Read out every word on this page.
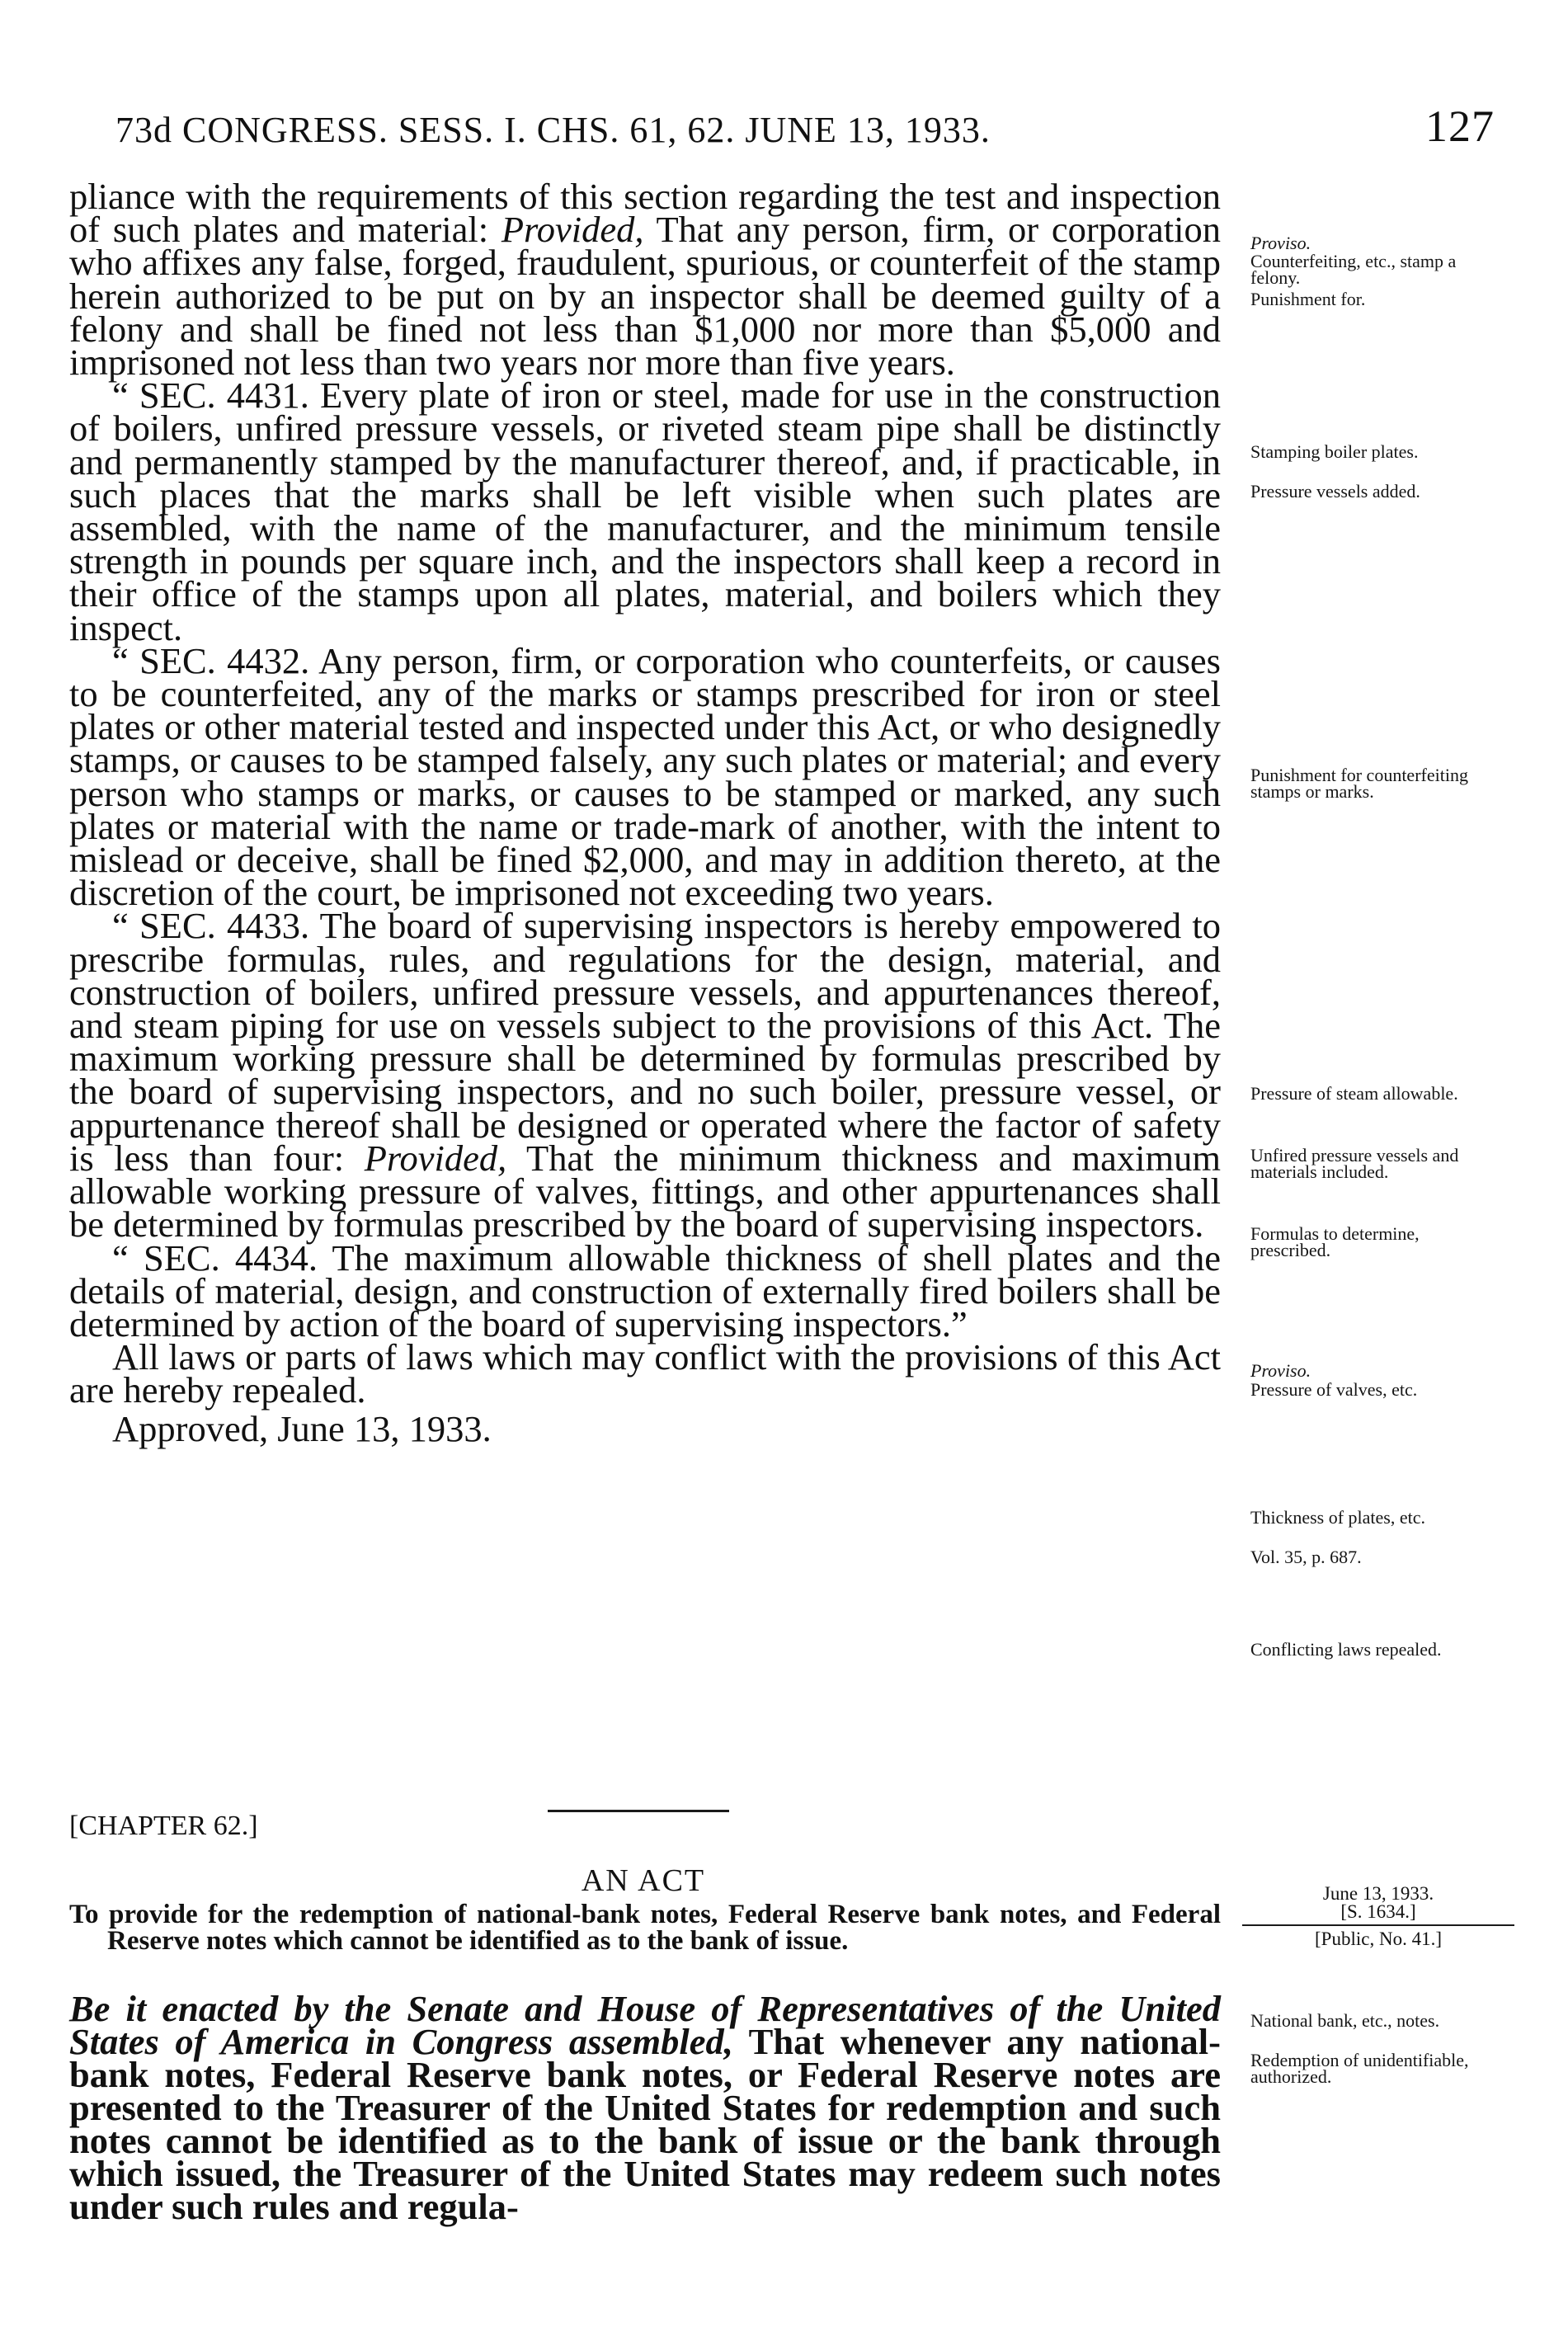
73d CONGRESS. SESS. I. CHS. 61, 62. JUNE 13, 1933.	127

pliance with the requirements of this section regarding the test and inspection of such plates and material: Provided, That any person, firm, or corporation who affixes any false, forged, fraudulent, spurious, or counterfeit of the stamp herein authorized to be put on by an inspector shall be deemed guilty of a felony and shall be fined not less than $1,000 nor more than $5,000 and imprisoned not less than two years nor more than five years.

“ SEC. 4431. Every plate of iron or steel, made for use in the construction of boilers, unfired pressure vessels, or riveted steam pipe shall be distinctly and permanently stamped by the manufacturer thereof, and, if practicable, in such places that the marks shall be left visible when such plates are assembled, with the name of the manufacturer, and the minimum tensile strength in pounds per square inch, and the inspectors shall keep a record in their office of the stamps upon all plates, material, and boilers which they inspect.

“ SEC. 4432. Any person, firm, or corporation who counterfeits, or causes to be counterfeited, any of the marks or stamps prescribed for iron or steel plates or other material tested and inspected under this Act, or who designedly stamps, or causes to be stamped falsely, any such plates or material; and every person who stamps or marks, or causes to be stamped or marked, any such plates or material with the name or trade-mark of another, with the intent to mislead or deceive, shall be fined $2,000, and may in addition thereto, at the discretion of the court, be imprisoned not exceeding two years.

“ SEC. 4433. The board of supervising inspectors is hereby empowered to prescribe formulas, rules, and regulations for the design, material, and construction of boilers, unfired pressure vessels, and appurtenances thereof, and steam piping for use on vessels subject to the provisions of this Act. The maximum working pressure shall be determined by formulas prescribed by the board of supervising inspectors, and no such boiler, pressure vessel, or appurtenance thereof shall be designed or operated where the factor of safety is less than four: Provided, That the minimum thickness and maximum allowable working pressure of valves, fittings, and other appurtenances shall be determined by formulas prescribed by the board of supervising inspectors.

“ SEC. 4434. The maximum allowable thickness of shell plates and the details of material, design, and construction of externally fired boilers shall be determined by action of the board of supervising inspectors.”

All laws or parts of laws which may conflict with the provisions of this Act are hereby repealed.

Approved, June 13, 1933.

Proviso.
Counterfeiting, etc., stamp a felony.
Punishment for.
Stamping boiler plates.
Pressure vessels added.
Punishment for counterfeiting stamps or marks.
Pressure of steam allowable.
Unfired pressure vessels and materials included.
Formulas to determine, prescribed.
Proviso.
Pressure of valves, etc.
Thickness of plates, etc.
Vol. 35, p. 687.
Conflicting laws repealed.
[CHAPTER 62.]
AN ACT
To provide for the redemption of national-bank notes, Federal Reserve bank notes, and Federal Reserve notes which cannot be identified as to the bank of issue.
June 13, 1933.
[S. 1634.]
[Public, No. 41.]
Be it enacted by the Senate and House of Representatives of the United States of America in Congress assembled, That whenever any national-bank notes, Federal Reserve bank notes, or Federal Reserve notes are presented to the Treasurer of the United States for redemption and such notes cannot be identified as to the bank of issue or the bank through which issued, the Treasurer of the United States may redeem such notes under such rules and regula-
National bank, etc., notes.
Redemption of unidentifiable, authorized.
